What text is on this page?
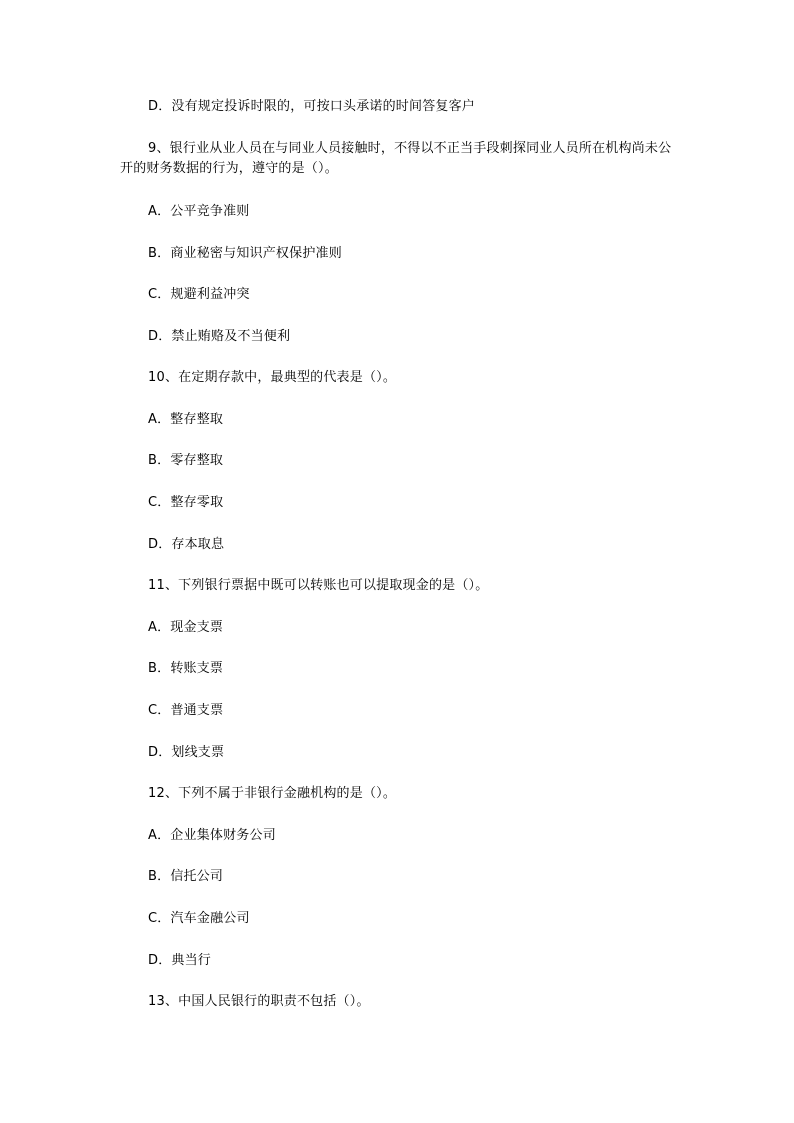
D．没有规定投诉时限的，可按口头承诺的时间答复客户
9、银行业从业人员在与同业人员接触时，不得以不正当手段刺探同业人员所在机构尚未公开的财务数据的行为，遵守的是（）。
A．公平竞争准则
B．商业秘密与知识产权保护准则
C．规避利益冲突
D．禁止贿赂及不当便利
10、在定期存款中，最典型的代表是（）。
A．整存整取
B．零存整取
C．整存零取
D．存本取息
11、下列银行票据中既可以转账也可以提取现金的是（）。
A．现金支票
B．转账支票
C．普通支票
D．划线支票
12、下列不属于非银行金融机构的是（）。
A．企业集体财务公司
B．信托公司
C．汽车金融公司
D．典当行
13、中国人民银行的职责不包括（）。
